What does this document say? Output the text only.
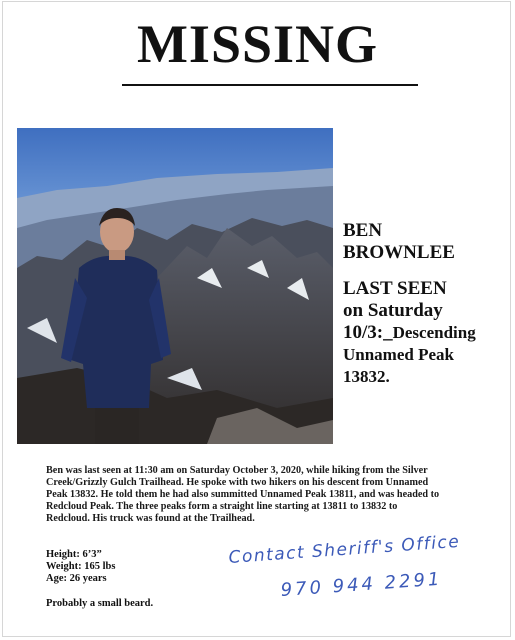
MISSING
BEN
BROWNLEE
LAST SEEN
on Saturday
10/3:_Descending
Unnamed Peak
13832.
Ben was last seen at 11:30 am on Saturday October 3, 2020, while hiking from the Silver
Creek/Grizzly Gulch Trailhead. He spoke with two hikers on his descent from Unnamed
Peak 13832. He told them he had also summitted Unnamed Peak 13811, and was headed to
Redcloud Peak. The three peaks form a straight line starting at 13811 to 13832 to
Redcloud. His truck was found at the Trailhead.
Height: 6’3”
Weight: 165 lbs
Age: 26 years
Probably a small beard.
Contact Sheriff's Office
970 944 2291
